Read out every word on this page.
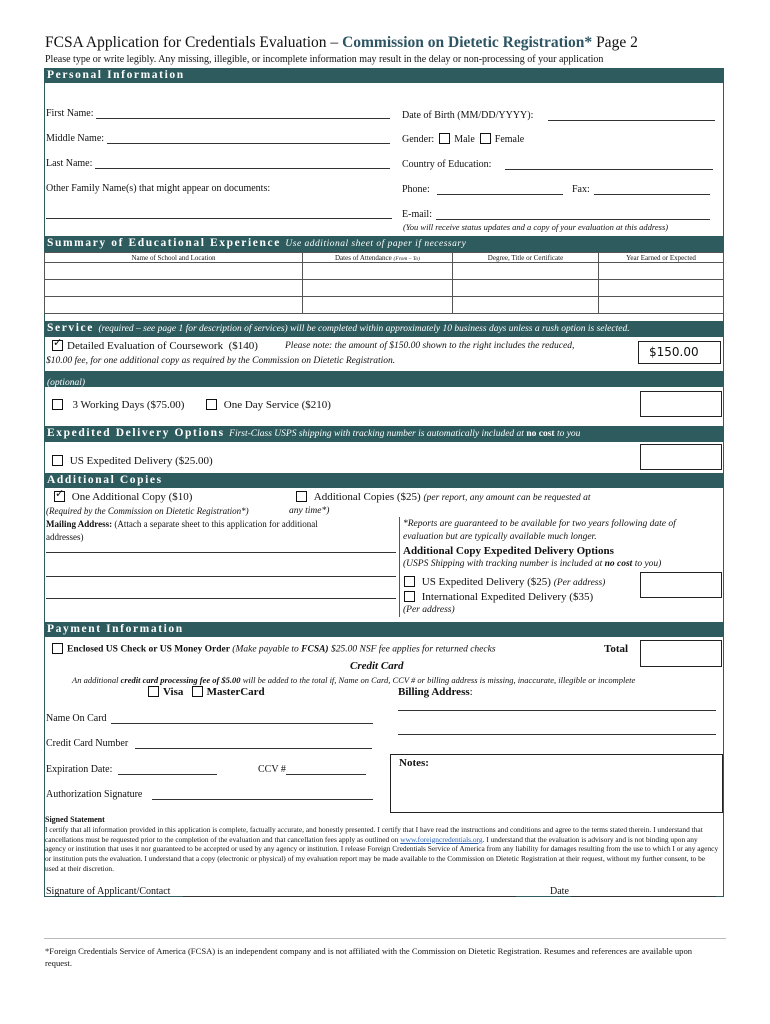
FCSA Application for Credentials Evaluation – Commission on Dietetic Registration* Page 2
Please type or write legibly. Any missing, illegible, or incomplete information may result in the delay or non-processing of your application
Personal Information
First Name:	Date of Birth (MM/DD/YYYY):
Middle Name:	Gender: Male Female
Last Name:	Country of Education:
Other Family Name(s) that might appear on documents:	Phone:	Fax:
E-mail:
(You will receive status updates and a copy of your evaluation at this address)
Summary of Educational Experience Use additional sheet of paper if necessary
Name of School and Location	Dates of Attendance (From – To)	Degree, Title or Certificate	Year Earned or Expected

Service (required – see page 1 for description of services) will be completed within approximately 10 business days unless a rush option is selected.
✓Detailed Evaluation of Coursework ($140)	Please note: the amount of $150.00 shown to the right includes the reduced,
$10.00 fee, for one additional copy as required by the Commission on Dietetic Registration.
$150.00
(optional)
3 Working Days ($75.00)	One Day Service ($210)
Expedited Delivery Options First-Class USPS shipping with tracking number is automatically included at no cost to you
US Expedited Delivery ($25.00)
Additional Copies
✓ One Additional Copy ($10)
(Required by the Commission on Dietetic Registration*)
Additional Copies ($25) (per report, any amount can be requested at
any time*)
Mailing Address: (Attach a separate sheet to this application for additional
addresses)
*Reports are guaranteed to be available for two years following date of
evaluation but are typically available much longer.
Additional Copy Expedited Delivery Options
(USPS Shipping with tracking number is included at no cost to you)
US Expedited Delivery ($25) (Per address)
International Expedited Delivery ($35)
(Per address)
Payment Information
Enclosed US Check or US Money Order (Make payable to FCSA) $25.00 NSF fee applies for returned checks	Total
Credit Card
An additional credit card processing fee of $5.00 will be added to the total if, Name on Card, CCV # or billing address is missing, inaccurate, illegible or incomplete
Visa MasterCard	Billing Address:
Name On Card
Credit Card Number
Expiration Date:	CCV #
Authorization Signature
Notes:
Signed Statement
I certify that all information provided in this application is complete, factually accurate, and honestly presented. I certify that I have read the instructions and conditions and agree to the terms stated therein. I understand that cancellations must be requested prior to the completion of the evaluation and that cancellation fees apply as outlined on www.foreigncredentials.org. I understand that the evaluation is advisory and is not binding upon any agency or institution that uses it nor guaranteed to be accepted or used by any agency or institution. I release Foreign Credentials Service of America from any liability for damages resulting from the use to which I or any agency or institution puts the evaluation. I understand that a copy (electronic or physical) of my evaluation report may be made available to the Commission on Dietetic Registration at their request, without my further consent, to be used at their discretion.
Signature of Applicant/Contact	Date
*Foreign Credentials Service of America (FCSA) is an independent company and is not affiliated with the Commission on Dietetic Registration. Resumes and references are available upon request.
